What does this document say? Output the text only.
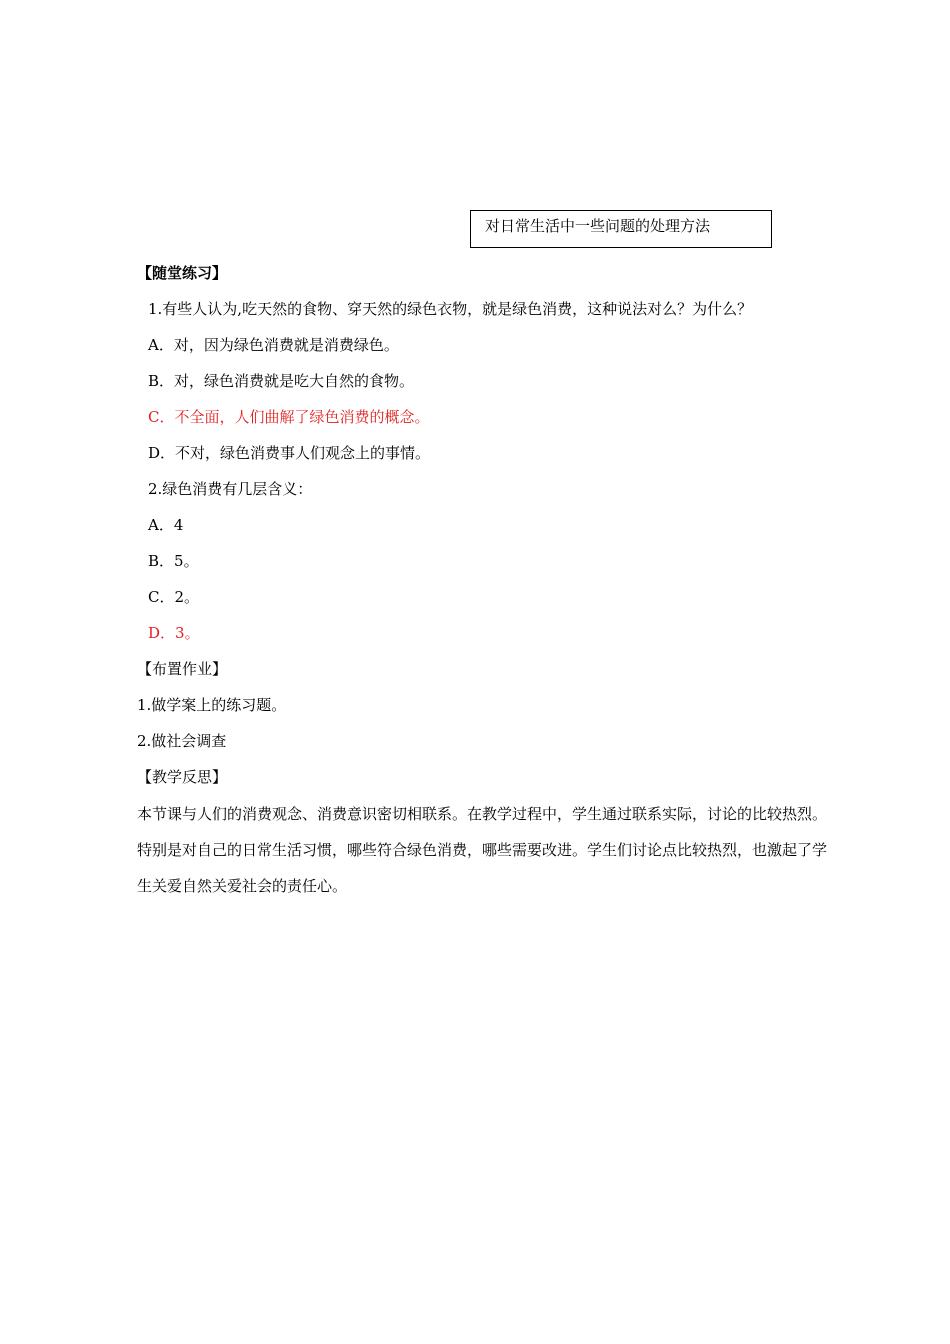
对日常生活中一些问题的处理方法
【随堂练习】
1.有些人认为,吃天然的食物、穿天然的绿色衣物，就是绿色消费，这种说法对么？为什么？
A．对，因为绿色消费就是消费绿色。
B．对，绿色消费就是吃大自然的食物。
C．不全面，人们曲解了绿色消费的概念。
D．不对，绿色消费事人们观念上的事情。
2.绿色消费有几层含义：
A．4
B．5。
C．2。
D．3。
【布置作业】
1.做学案上的练习题。
2.做社会调查
【教学反思】
本节课与人们的消费观念、消费意识密切相联系。在教学过程中，学生通过联系实际，讨论的比较热烈。特别是对自己的日常生活习惯，哪些符合绿色消费，哪些需要改进。学生们讨论点比较热烈，也激起了学生关爱自然关爱社会的责任心。
